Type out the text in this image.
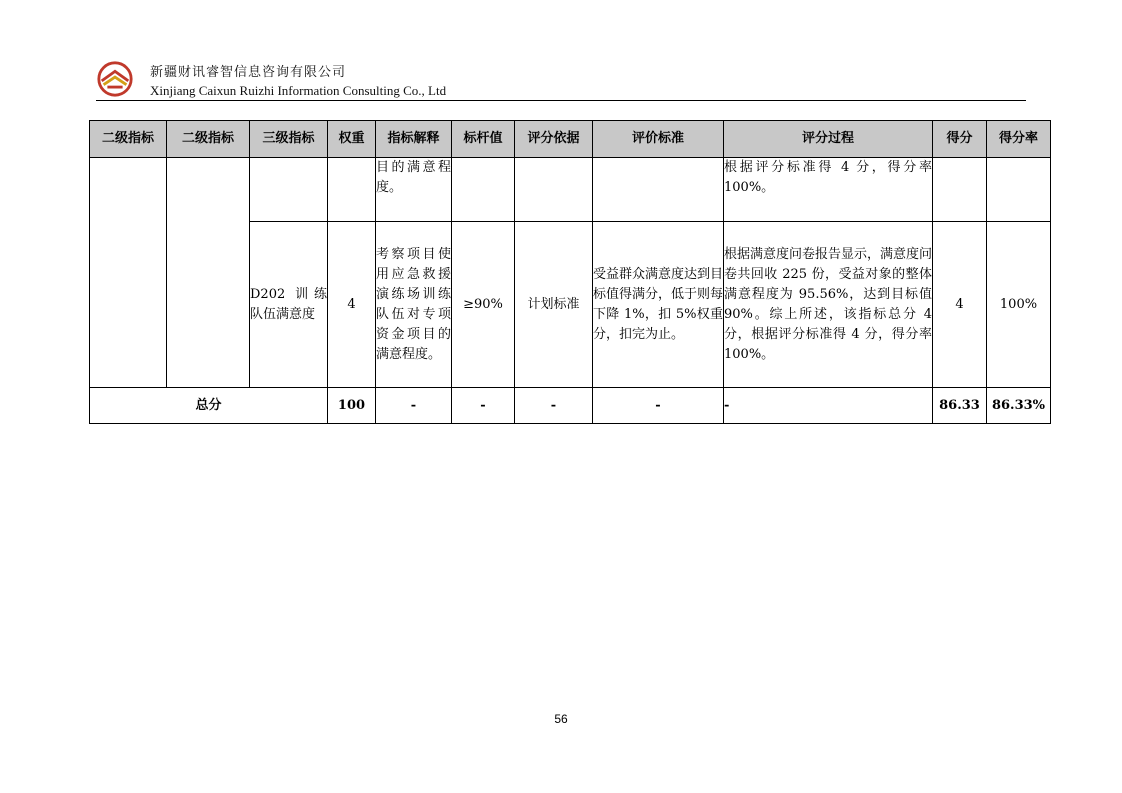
新疆财讯睿智信息咨询有限公司
Xinjiang Caixun Ruizhi Information Consulting Co., Ltd
二级指标	二级指标	三级指标	权重	指标解释	标杆值	评分依据	评价标准	评分过程	得分	得分率
				目的满意程度。				根据评分标准得 4 分，得分率 100%。		
		D202 训练队伍满意度	4	考察项目使用应急救援演练场训练队伍对专项资金项目的满意程度。	≥90%	计划标准	受益群众满意度达到目标值得满分，低于则每下降 1%，扣 5%权重分，扣完为止。	根据满意度问卷报告显示，满意度问卷共回收 225 份，受益对象的整体满意程度为 95.56%，达到目标值 90%。综上所述，该指标总分 4 分，根据评分标准得 4 分，得分率 100%。	4	100%
总分			100	-	-	-	-	-	86.33	86.33%
56
